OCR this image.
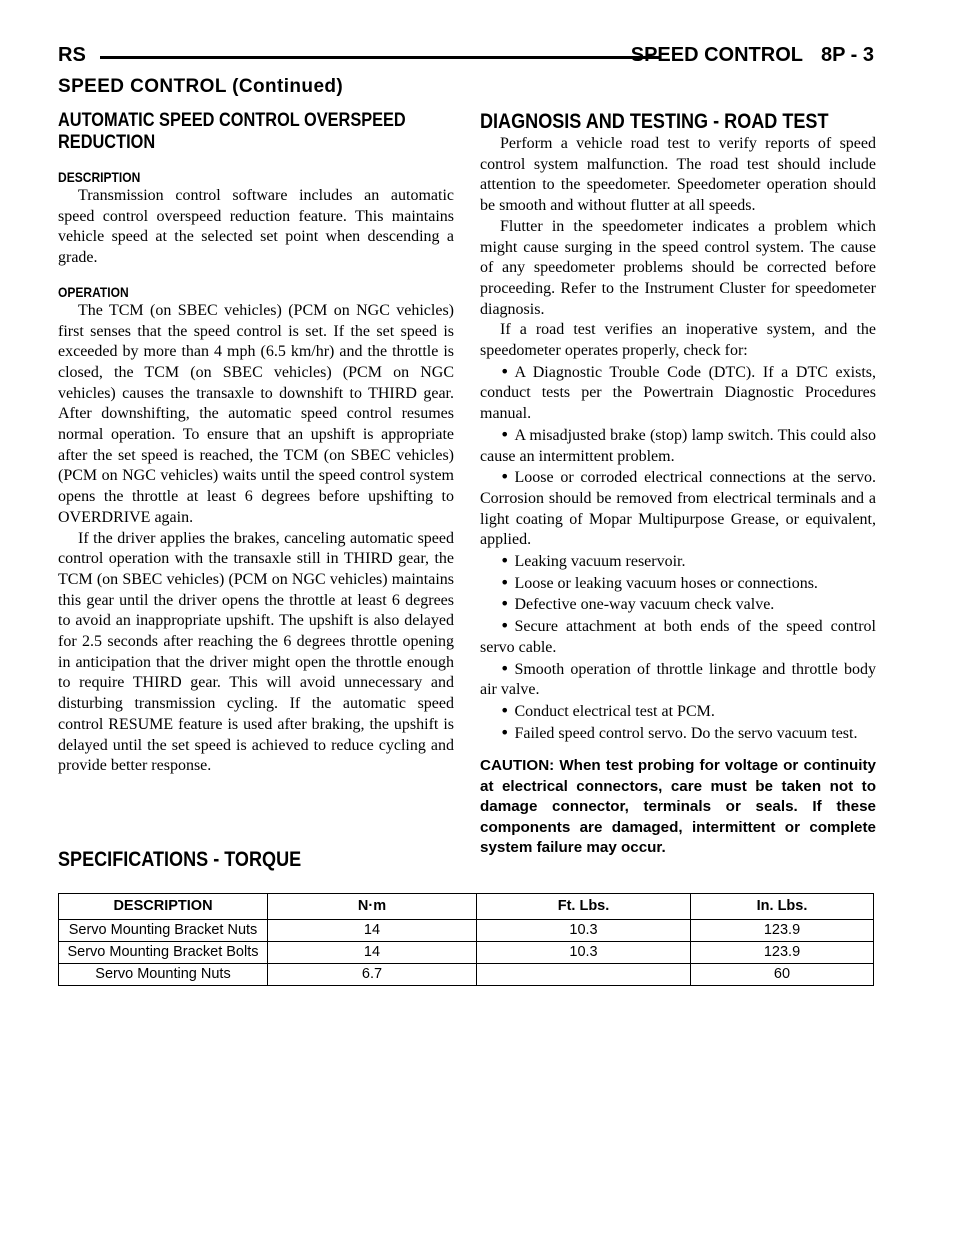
RS	SPEED CONTROL 8P - 3
SPEED CONTROL (Continued)
AUTOMATIC SPEED CONTROL OVERSPEED
REDUCTION
DESCRIPTION

Transmission control software includes an automatic speed control overspeed reduction feature. This maintains vehicle speed at the selected set point when descending a grade.

OPERATION

The TCM (on SBEC vehicles) (PCM on NGC vehicles) first senses that the speed control is set. If the set speed is exceeded by more than 4 mph (6.5 km/hr) and the throttle is closed, the TCM (on SBEC vehicles) (PCM on NGC vehicles) causes the transaxle to downshift to THIRD gear. After downshifting, the automatic speed control resumes normal operation. To ensure that an upshift is appropriate after the set speed is reached, the TCM (on SBEC vehicles) (PCM on NGC vehicles) waits until the speed control system opens the throttle at least 6 degrees before upshifting to OVERDRIVE again.

If the driver applies the brakes, canceling automatic speed control operation with the transaxle still in THIRD gear, the TCM (on SBEC vehicles) (PCM on NGC vehicles) maintains this gear until the driver opens the throttle at least 6 degrees to avoid an inappropriate upshift. The upshift is also delayed for 2.5 seconds after reaching the 6 degrees throttle opening in anticipation that the driver might open the throttle enough to require THIRD gear. This will avoid unnecessary and disturbing transmission cycling. If the automatic speed control RESUME feature is used after braking, the upshift is delayed until the set speed is achieved to reduce cycling and provide better response.

DIAGNOSIS AND TESTING - ROAD TEST

Perform a vehicle road test to verify reports of speed control system malfunction. The road test should include attention to the speedometer. Speedometer operation should be smooth and without flutter at all speeds.

Flutter in the speedometer indicates a problem which might cause surging in the speed control system. The cause of any speedometer problems should be corrected before proceeding. Refer to the Instrument Cluster for speedometer diagnosis.

If a road test verifies an inoperative system, and the speedometer operates properly, check for:

• A Diagnostic Trouble Code (DTC). If a DTC exists, conduct tests per the Powertrain Diagnostic Procedures manual.

• A misadjusted brake (stop) lamp switch. This could also cause an intermittent problem.

• Loose or corroded electrical connections at the servo. Corrosion should be removed from electrical terminals and a light coating of Mopar Multipurpose Grease, or equivalent, applied.

• Leaking vacuum reservoir.

• Loose or leaking vacuum hoses or connections.

• Defective one-way vacuum check valve.

• Secure attachment at both ends of the speed control servo cable.

• Smooth operation of throttle linkage and throttle body air valve.

• Conduct electrical test at PCM.

• Failed speed control servo. Do the servo vacuum test.

CAUTION: When test probing for voltage or continuity at electrical connectors, care must be taken not to damage connector, terminals or seals. If these components are damaged, intermittent or complete system failure may occur.

SPECIFICATIONS - TORQUE
DESCRIPTION	N·m	Ft. Lbs.	In. Lbs.
Servo Mounting Bracket Nuts	14	10.3	123.9
Servo Mounting Bracket Bolts	14	10.3	123.9
Servo Mounting Nuts	6.7		60
